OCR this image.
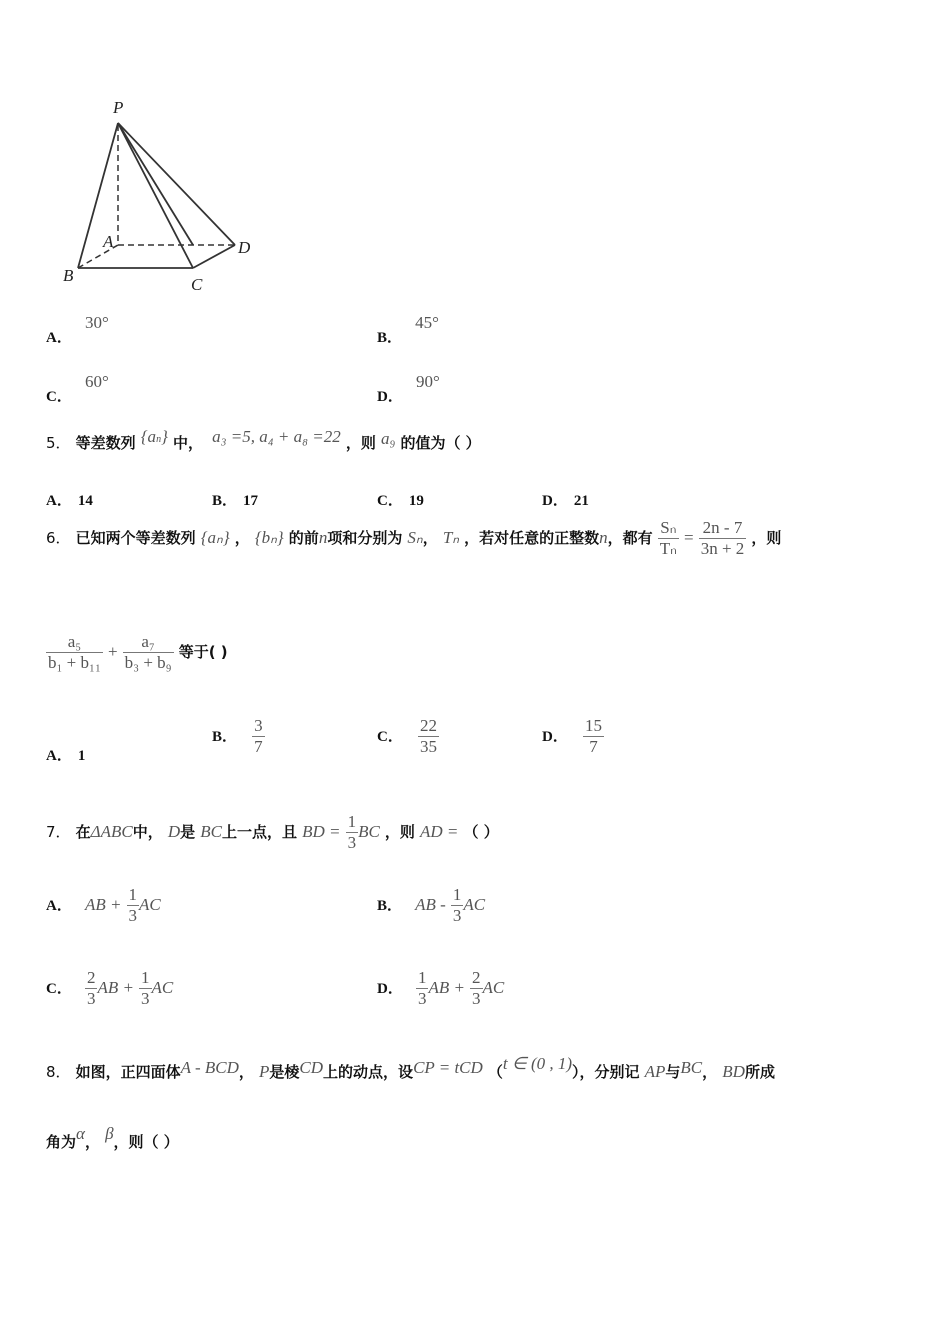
P
A
B	C
D
A． 30°
B． 45°
C． 60°
D． 90°
5． 等差数列 {an} 中， a₃ =5, a₄ + a₈ =22 ，则 a₉ 的值为（ ）
A． 14	B． 17	C． 19	D． 21
6． 已知两个等差数列 {aₙ} ， {bₙ} 的前n项和分别为 Sₙ， Tₙ ，若对任意的正整数n，都有 $\frac{\text{Sₙ}}{\text{Tₙ}} = \frac{2n - 7}{3n + 2}$ ，则
$\frac{\text{a₅}}{\text{b₁ + b₁₁}} + \frac{\text{a₇}}{\text{b₃ + b₉}}$ 等于( )
A． 1
B． $\frac{3}{7}$	C． $\frac{22}{35}$	D． $\frac{15}{7}$
7． 在ΔABC中， D是 BC上一点，且 BD = $\frac{1}{3}$ BC ，则 AD = （ ）
A． AB + $\frac{1}{3}$ AC	B． AB - $\frac{1}{3}$ AC
C． $\frac{2}{3}$ AB + $\frac{1}{3}$ AC	D． $\frac{1}{3}$ AB + $\frac{2}{3}$ AC
8． 如图，正四面体A - BCD， P是棱CD上的动点，设CP = tCD （t ∈ (0 , 1)），分别记 AP与BC， BD所成
角为α， β，则（ ）
